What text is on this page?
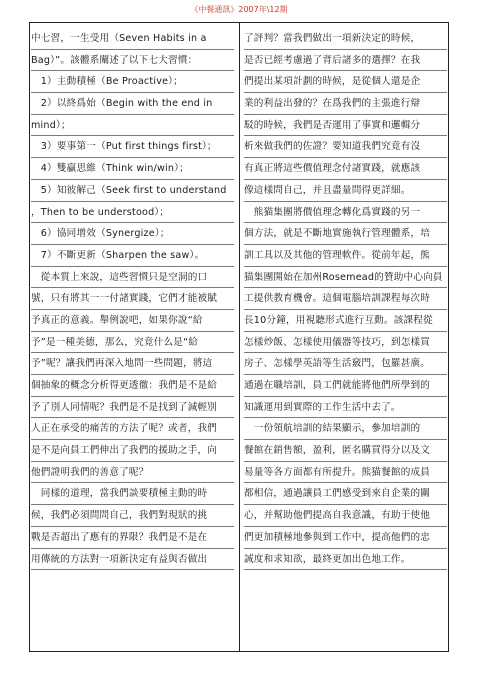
《中餐通訊》2007年\12期
中七習，一生受用（Seven Habits in a
Bag）”。該體系闡述了以下七大習慣：
　1）主動積極（Be Proactive）；
　2）以終爲始（Begin with the end in
mind）；
　3）要事第一（Put first things first）；
　4）雙贏思維（Think win/win）；
　5）知彼解己（Seek first to understand
，Then to be understood）；
　6）協同增效（Synergize）；
　7）不斷更新（Sharpen the saw）。
　從本質上來說，這些習慣只是空洞的口
號，只有將其一一付諸實踐，它們才能被賦
予真正的意義。舉例說吧，如果你說“給
予”是一種美德，那么，究竟什么是“給
予”呢？讓我們再深入地問一些問題，將這
個抽象的概念分析得更透徹：我們是不是給
予了別人同情呢？我們是不是找到了減輕別
人正在承受的痛苦的方法了呢？或者，我們
是不是向員工們伸出了我們的援助之手，向
他們證明我們的善意了呢？
　同樣的道理，當我們談要積極主動的時
候，我們必須問問自己，我們對現狀的挑
戰是否超出了應有的界限？我們是不是在
用傳統的方法對一項新決定有益與否做出
了評判？當我們做出一項新決定的時候，
是否已經考慮過了背后諸多的選擇？在我
們提出某項計劃的時候，是從個人還是企
業的利益出發的？在爲我們的主張進行辯
駁的時候，我們是否運用了事實和邏輯分
析來做我們的佐證？要知道我們究竟有沒
有真正將這些價值理念付諸實踐，就應該
像這樣問自己，并且盡量問得更詳細。
　熊猫集團將價值理念轉化爲實踐的另一
個方法，就是不斷地實施執行管理體系，培
訓工具以及其他的管理軟件。從前年起，熊
猫集團開始在加州Rosemead的贊助中心向員
工提供教育機會。這個電腦培訓課程每次時
長10分鐘，用視聽形式進行互動。該課程從
怎樣炒飯、怎樣使用儀器等技巧，到怎樣買
房子、怎樣學英語等生活竅門，包羅甚廣。
通過在職培訓，員工們就能將他們所學到的
知識運用到實際的工作生活中去了。
　一份領航培訓的結果顯示，參加培訓的
餐館在銷售額，盈利，匿名購買得分以及文
易量等各方面都有所提升。熊猫餐館的成員
都相信，通過讓員工們感受到來自企業的關
心，并幫助他們提高自我意識，有助于使他
們更加積極地參與到工作中，提高他們的忠
誠度和求知欲，最終更加出色地工作。
